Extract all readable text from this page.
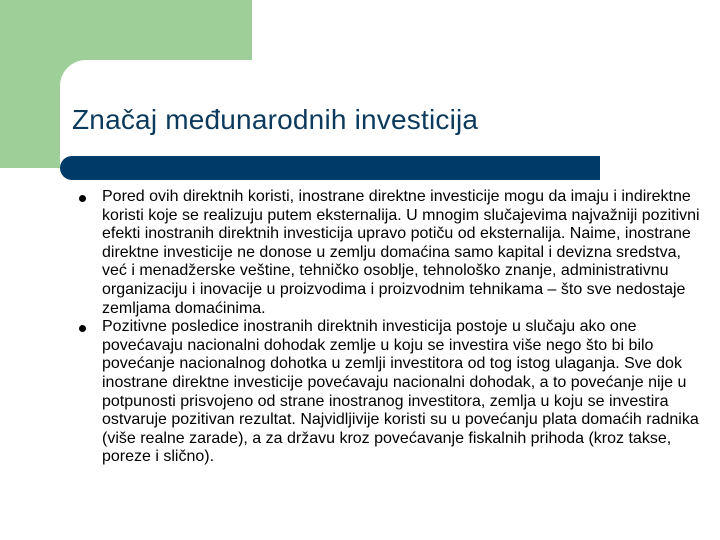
Značaj međunarodnih investicija
Pored ovih direktnih koristi, inostrane direktne investicije mogu da imaju i indirektne koristi koje se realizuju putem eksternalija. U mnogim slučajevima najvažniji pozitivni efekti inostranih direktnih investicija upravo potiču od eksternalija. Naime, inostrane direktne investicije ne donose u zemlju domaćina samo kapital i devizna sredstva, već i menadžerske veštine, tehničko osoblje, tehnološko znanje, administrativnu organizaciju i inovacije u proizvodima i proizvodnim tehnikama – što sve nedostaje zemljama domaćinima.
Pozitivne posledice inostranih direktnih investicija postoje u slučaju ako one povećavaju nacionalni dohodak zemlje u koju se investira više nego što bi bilo povećanje nacionalnog dohotka u zemlji investitora od tog istog ulaganja. Sve dok inostrane direktne investicije povećavaju nacionalni dohodak, a to povećanje nije u potpunosti prisvojeno od strane inostranog investitora, zemlja u koju se investira ostvaruje pozitivan rezultat. Najvidljivije koristi su u povećanju plata domaćih radnika (više realne zarade), a za državu kroz povećavanje fiskalnih prihoda (kroz takse, poreze i slično).
